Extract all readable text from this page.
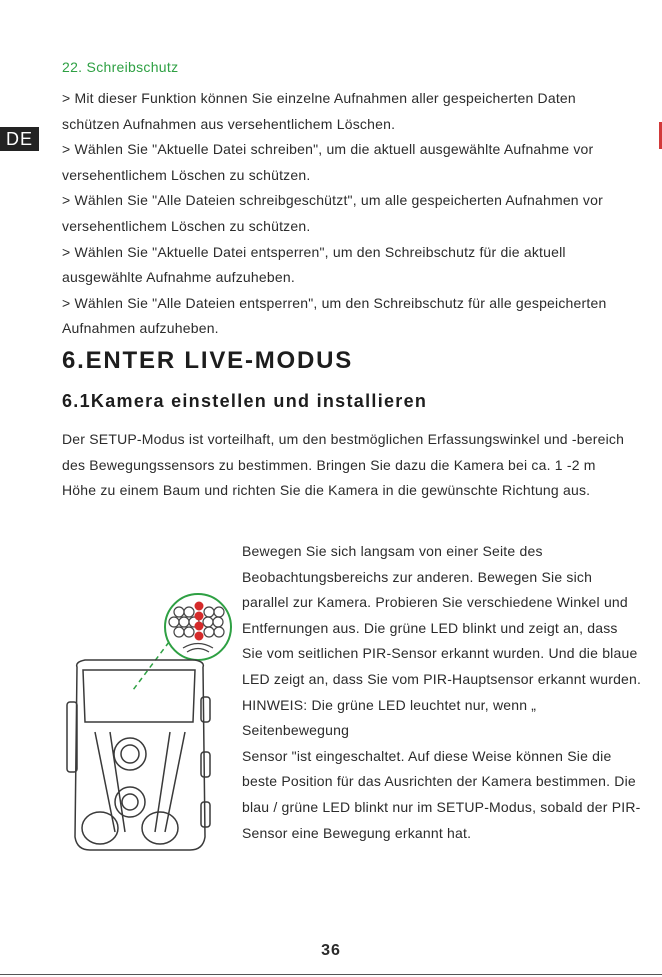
DE
22. Schreibschutz
> Mit dieser Funktion können Sie einzelne Aufnahmen aller gespeicherten Daten schützen Aufnahmen aus versehentlichem Löschen.
> Wählen Sie "Aktuelle Datei schreiben", um die aktuell ausgewählte Aufnahme vor versehentlichem Löschen zu schützen.
> Wählen Sie "Alle Dateien schreibgeschützt", um alle gespeicherten Aufnahmen vor versehentlichem Löschen zu schützen.
> Wählen Sie "Aktuelle Datei entsperren", um den Schreibschutz für die aktuell ausgewählte Aufnahme aufzuheben.
> Wählen Sie "Alle Dateien entsperren", um den Schreibschutz für alle gespeicherten Aufnahmen aufzuheben.
6.ENTER LIVE-MODUS
6.1Kamera einstellen und installieren
Der SETUP-Modus ist vorteilhaft, um den bestmöglichen Erfassungswinkel und -bereich des Bewegungssensors zu bestimmen. Bringen Sie dazu die Kamera bei ca. 1 -2 m Höhe zu einem Baum und richten Sie die Kamera in die gewünschte Richtung aus.
Bewegen Sie sich langsam von einer Seite des Beobachtungsbereichs zur anderen. Bewegen Sie sich parallel zur Kamera. Probieren Sie verschiedene Winkel und Entfernungen aus. Die grüne LED blinkt und zeigt an, dass Sie vom seitlichen PIR-Sensor erkannt wurden. Und die blaue LED zeigt an, dass Sie vom PIR-Hauptsensor erkannt wurden.
HINWEIS: Die grüne LED leuchtet nur, wenn „ Seitenbewegung
Sensor "ist eingeschaltet. Auf diese Weise können Sie die beste Position für das Ausrichten der Kamera bestimmen. Die blau / grüne LED blinkt nur im SETUP-Modus, sobald der PIR-Sensor eine Bewegung erkannt hat.
36
